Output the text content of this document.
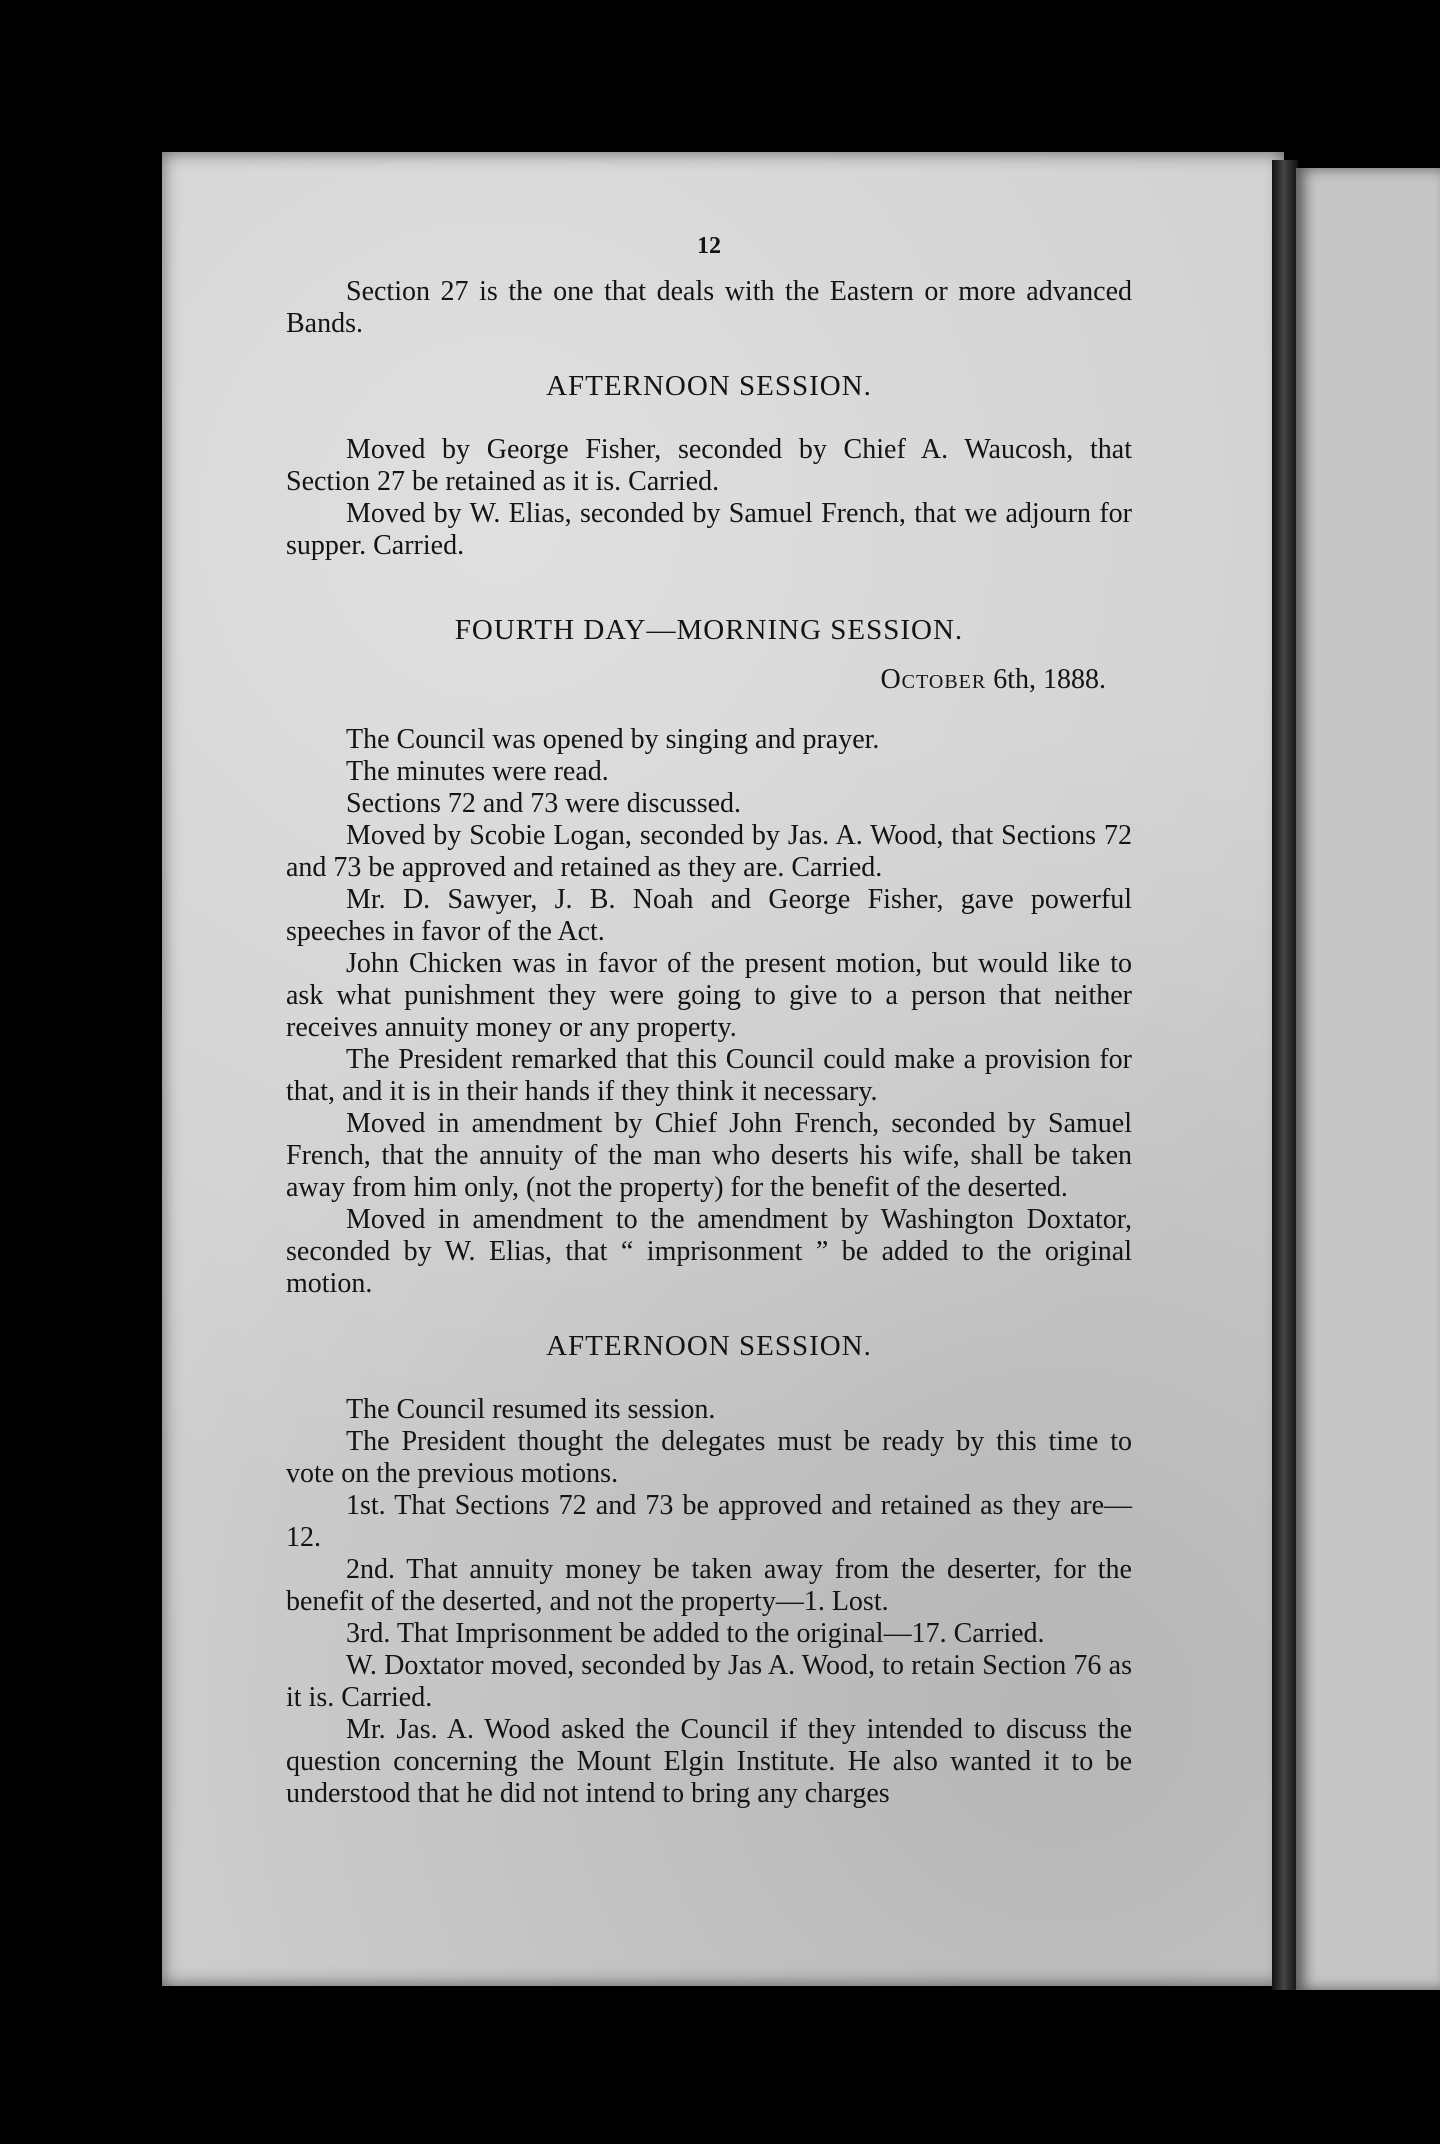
12

Section 27 is the one that deals with the Eastern or more advanced Bands.

AFTERNOON SESSION.

Moved by George Fisher, seconded by Chief A. Waucosh, that Section 27 be retained as it is. Carried.

Moved by W. Elias, seconded by Samuel French, that we adjourn for supper. Carried.

FOURTH DAY—MORNING SESSION.
October 6th, 1888.

The Council was opened by singing and prayer.

The minutes were read.

Sections 72 and 73 were discussed.

Moved by Scobie Logan, seconded by Jas. A. Wood, that Sections 72 and 73 be approved and retained as they are. Carried.

Mr. D. Sawyer, J. B. Noah and George Fisher, gave powerful speeches in favor of the Act.

John Chicken was in favor of the present motion, but would like to ask what punishment they were going to give to a person that neither receives annuity money or any property.

The President remarked that this Council could make a provision for that, and it is in their hands if they think it necessary.

Moved in amendment by Chief John French, seconded by Samuel French, that the annuity of the man who deserts his wife, shall be taken away from him only, (not the property) for the benefit of the deserted.

Moved in amendment to the amendment by Washington Doxtator, seconded by W. Elias, that “ imprisonment ” be added to the original motion.

AFTERNOON SESSION.

The Council resumed its session.

The President thought the delegates must be ready by this time to vote on the previous motions.

1st. That Sections 72 and 73 be approved and retained as they are—12.

2nd. That annuity money be taken away from the deserter, for the benefit of the deserted, and not the property—1. Lost.

3rd. That Imprisonment be added to the original—17. Carried.

W. Doxtator moved, seconded by Jas A. Wood, to retain Section 76 as it is. Carried.

Mr. Jas. A. Wood asked the Council if they intended to discuss the question concerning the Mount Elgin Institute. He also wanted it to be understood that he did not intend to bring any charges
